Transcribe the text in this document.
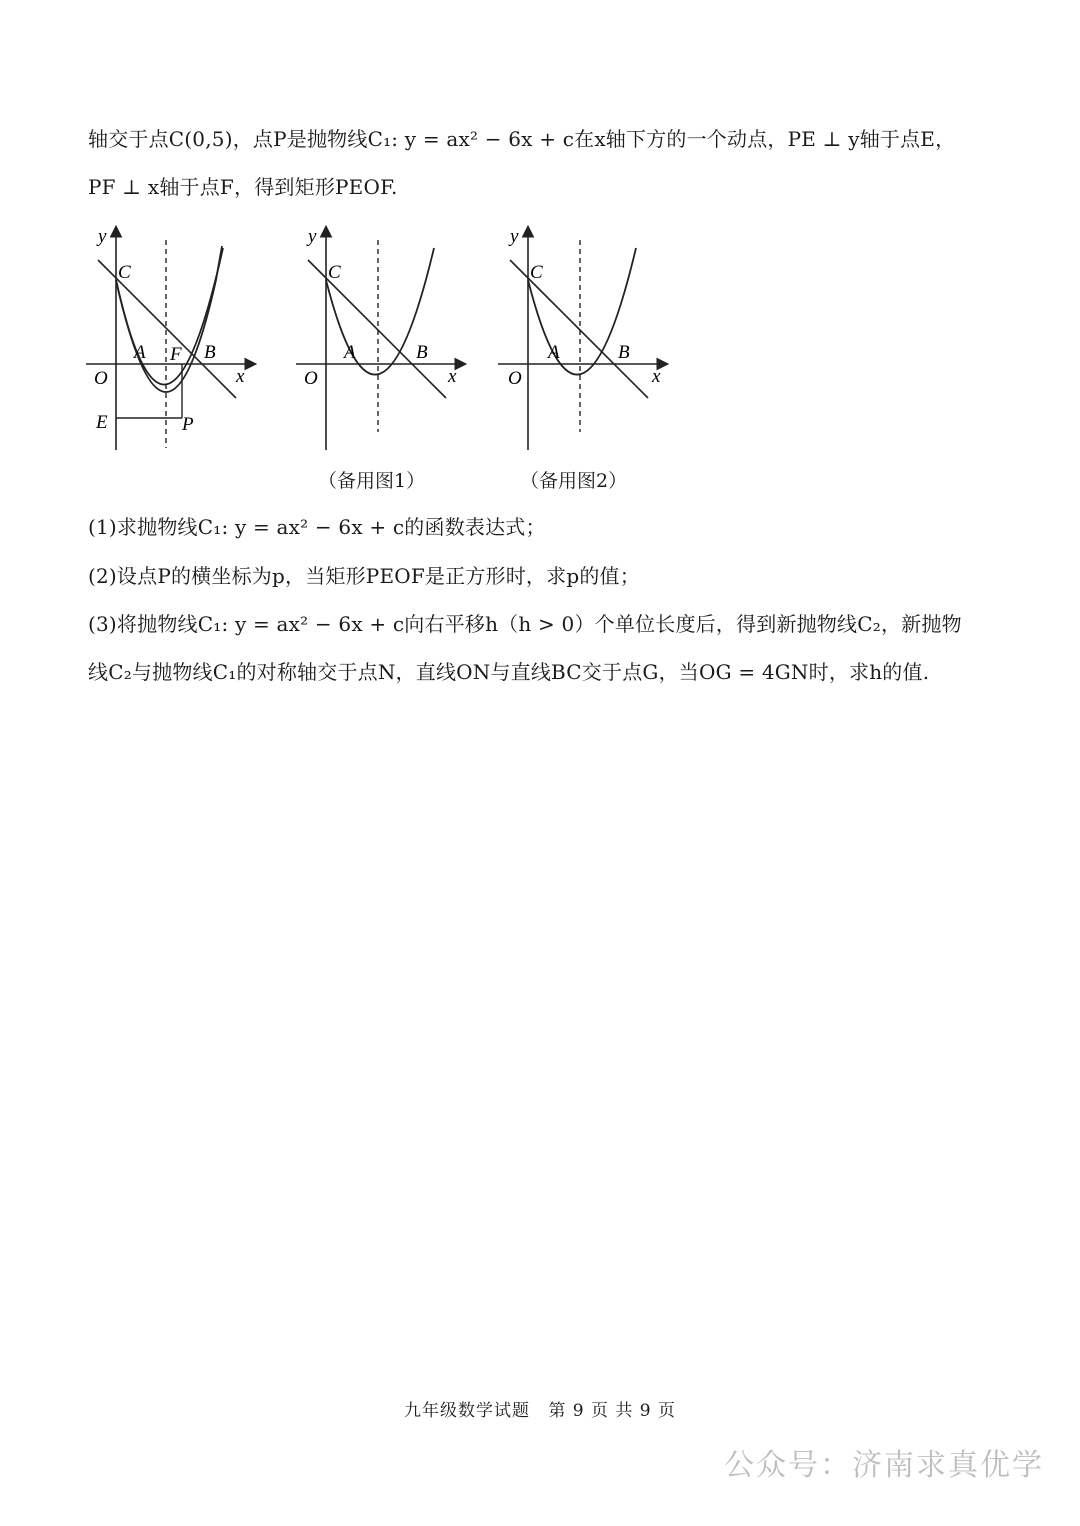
轴交于点C(0,5)，点P是抛物线C₁: y = ax² − 6x + c在x轴下方的一个动点，PE ⊥ y轴于点E，
PF ⊥ x轴于点F，得到矩形PEOF.
y
x
O
C
A F B
E	P
y
x
O
C
A	B
（备用图1）
y
x
O
C
A	B
（备用图2）
(1)求抛物线C₁: y = ax² − 6x + c的函数表达式；
(2)设点P的横坐标为p，当矩形PEOF是正方形时，求p的值；
(3)将抛物线C₁: y = ax² − 6x + c向右平移h（h > 0）个单位长度后，得到新抛物线C₂，新抛物
线C₂与抛物线C₁的对称轴交于点N，直线ON与直线BC交于点G，当OG = 4GN时，求h的值.
九年级数学试题 第 9 页 共 9 页
公众号：济南求真优学
